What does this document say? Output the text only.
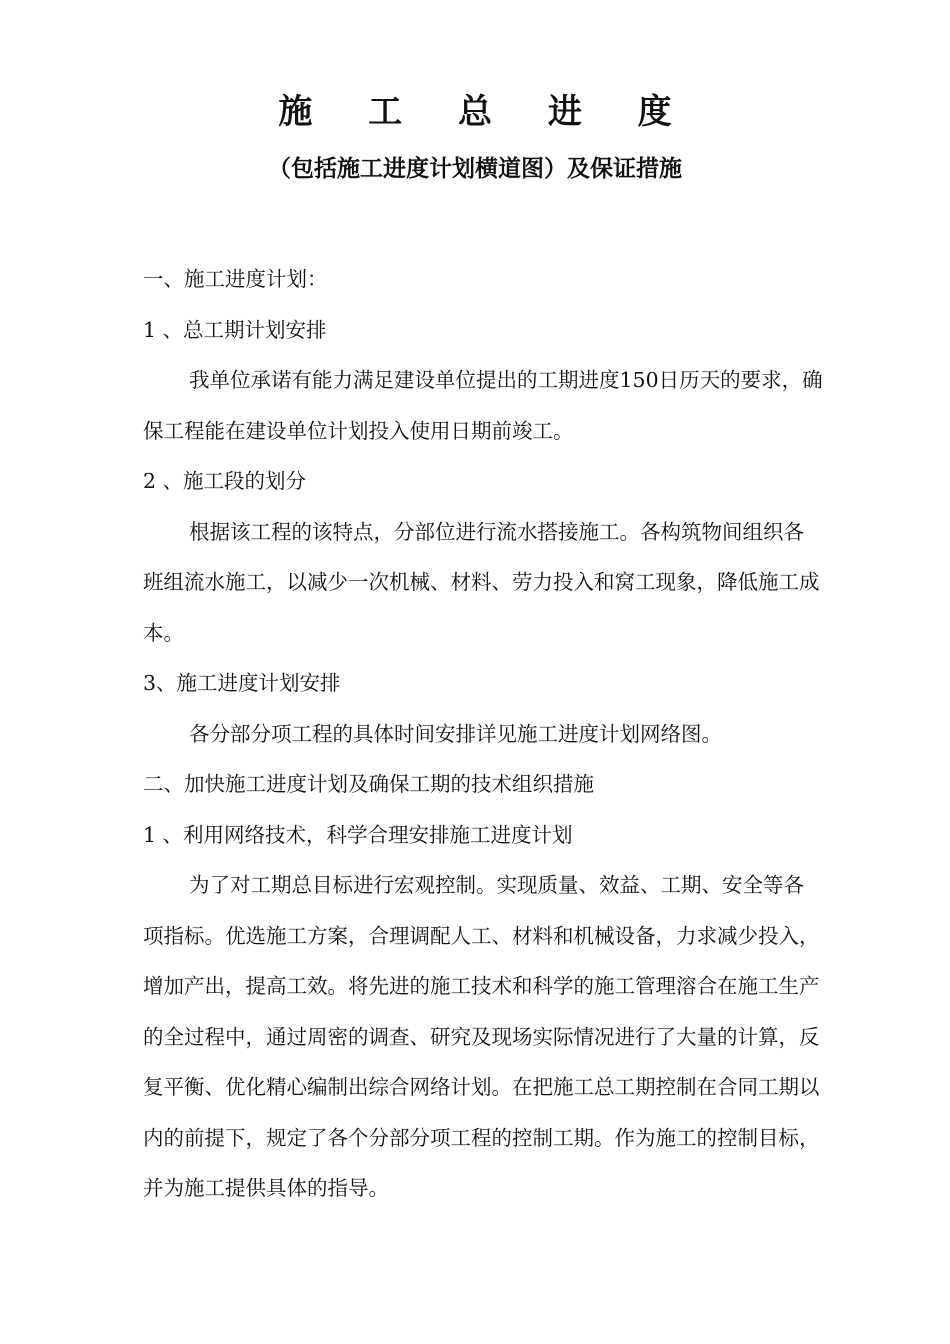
施 工 总 进 度
（包括施工进度计划横道图）及保证措施

一、施工进度计划：

1 、总工期计划安排

我单位承诺有能力满足建设单位提出的工期进度150日历天的要求，确保工程能在建设单位计划投入使用日期前竣工。

2 、施工段的划分

根据该工程的该特点，分部位进行流水搭接施工。各构筑物间组织各班组流水施工，以减少一次机械、材料、劳力投入和窝工现象，降低施工成本。

3、施工进度计划安排

各分部分项工程的具体时间安排详见施工进度计划网络图。

二、加快施工进度计划及确保工期的技术组织措施

1 、利用网络技术，科学合理安排施工进度计划

为了对工期总目标进行宏观控制。实现质量、效益、工期、安全等各项指标。优选施工方案，合理调配人工、材料和机械设备，力求减少投入，增加产出，提高工效。将先进的施工技术和科学的施工管理溶合在施工生产的全过程中，通过周密的调查、研究及现场实际情况进行了大量的计算，反复平衡、优化精心编制出综合网络计划。在把施工总工期控制在合同工期以内的前提下，规定了各个分部分项工程的控制工期。作为施工的控制目标，并为施工提供具体的指导。
